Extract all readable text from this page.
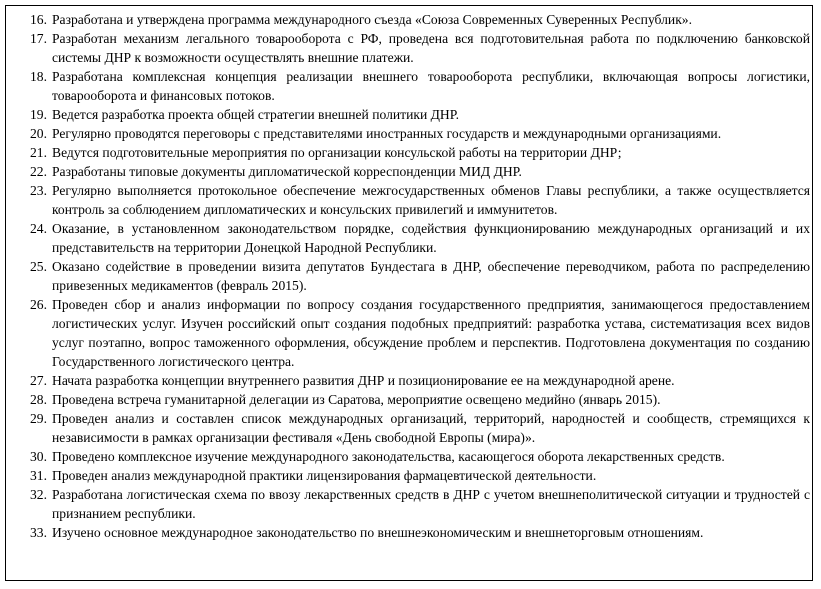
16. Разработана и утверждена программа международного съезда «Союза Современных Суверенных Республик».
17. Разработан механизм легального товарооборота с РФ, проведена вся подготовительная работа по подключению банковской системы ДНР к возможности осуществлять внешние платежи.
18. Разработана комплексная концепция реализации внешнего товарооборота республики, включающая вопросы логистики, товарооборота и финансовых потоков.
19. Ведется разработка проекта общей стратегии внешней политики ДНР.
20. Регулярно проводятся переговоры с представителями иностранных государств и международными организациями.
21. Ведутся подготовительные мероприятия по организации консульской работы на территории ДНР;
22. Разработаны типовые документы дипломатической корреспонденции МИД ДНР.
23. Регулярно выполняется протокольное обеспечение межгосударственных обменов Главы республики, а также осуществляется контроль за соблюдением дипломатических и консульских привилегий и иммунитетов.
24. Оказание, в установленном законодательством порядке, содействия функционированию международных организаций и их представительств на территории Донецкой Народной Республики.
25. Оказано содействие в проведении визита депутатов Бундестага в ДНР, обеспечение переводчиком, работа по распределению привезенных медикаментов (февраль 2015).
26. Проведен сбор и анализ информации по вопросу создания государственного предприятия, занимающегося предоставлением логистических услуг. Изучен российский опыт создания подобных предприятий: разработка устава, систематизация всех видов услуг поэтапно, вопрос таможенного оформления, обсуждение проблем и перспектив. Подготовлена документация по созданию Государственного логистического центра.
27. Начата разработка концепции внутреннего развития ДНР и позиционирование ее на международной арене.
28. Проведена встреча гуманитарной делегации из Саратова, мероприятие освещено медийно (январь 2015).
29. Проведен анализ и составлен список международных организаций, территорий, народностей и сообществ, стремящихся к независимости в рамках организации фестиваля «День свободной Европы (мира)».
30. Проведено комплексное изучение международного законодательства, касающегося оборота лекарственных средств.
31. Проведен анализ международной практики лицензирования фармацевтической деятельности.
32. Разработана логистическая схема по ввозу лекарственных средств в ДНР с учетом внешнеполитической ситуации и трудностей с признанием республики.
33. Изучено основное международное законодательство по внешнеэкономическим и внешнеторговым отношениям.
